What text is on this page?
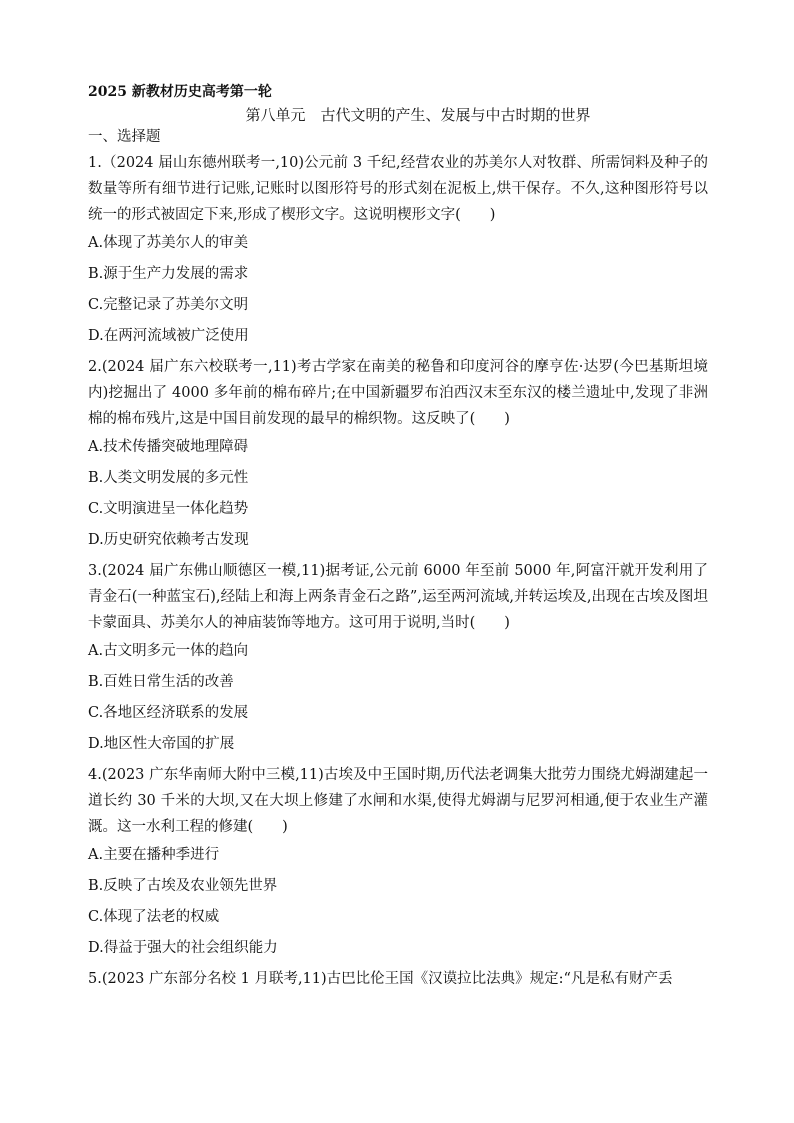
2025 新教材历史高考第一轮
第八单元　古代文明的产生、发展与中古时期的世界
一、选择题
1.（2024 届山东德州联考一,10)公元前 3 千纪,经营农业的苏美尔人对牧群、所需饲料及种子的数量等所有细节进行记账,记账时以图形符号的形式刻在泥板上,烘干保存。不久,这种图形符号以统一的形式被固定下来,形成了楔形文字。这说明楔形文字(　　)
A.体现了苏美尔人的审美
B.源于生产力发展的需求
C.完整记录了苏美尔文明
D.在两河流域被广泛使用
2.(2024 届广东六校联考一,11)考古学家在南美的秘鲁和印度河谷的摩亨佐·达罗(今巴基斯坦境内)挖掘出了 4000 多年前的棉布碎片;在中国新疆罗布泊西汉末至东汉的楼兰遗址中,发现了非洲棉的棉布残片,这是中国目前发现的最早的棉织物。这反映了(　　)
A.技术传播突破地理障碍
B.人类文明发展的多元性
C.文明演进呈一体化趋势
D.历史研究依赖考古发现
3.(2024 届广东佛山顺德区一模,11)据考证,公元前 6000 年至前 5000 年,阿富汗就开发利用了青金石(一种蓝宝石),经陆上和海上两条青金石之路”,运至两河流域,并转运埃及,出现在古埃及图坦卡蒙面具、苏美尔人的神庙装饰等地方。这可用于说明,当时(　　)
A.古文明多元一体的趋向
B.百姓日常生活的改善
C.各地区经济联系的发展
D.地区性大帝国的扩展
4.(2023 广东华南师大附中三模,11)古埃及中王国时期,历代法老调集大批劳力围绕尤姆湖建起一道长约 30 千米的大坝,又在大坝上修建了水闸和水渠,使得尤姆湖与尼罗河相通,便于农业生产灌溉。这一水利工程的修建(　　)
A.主要在播种季进行
B.反映了古埃及农业领先世界
C.体现了法老的权威
D.得益于强大的社会组织能力
5.(2023 广东部分名校 1 月联考,11)古巴比伦王国《汉谟拉比法典》规定:“凡是私有财产丢
